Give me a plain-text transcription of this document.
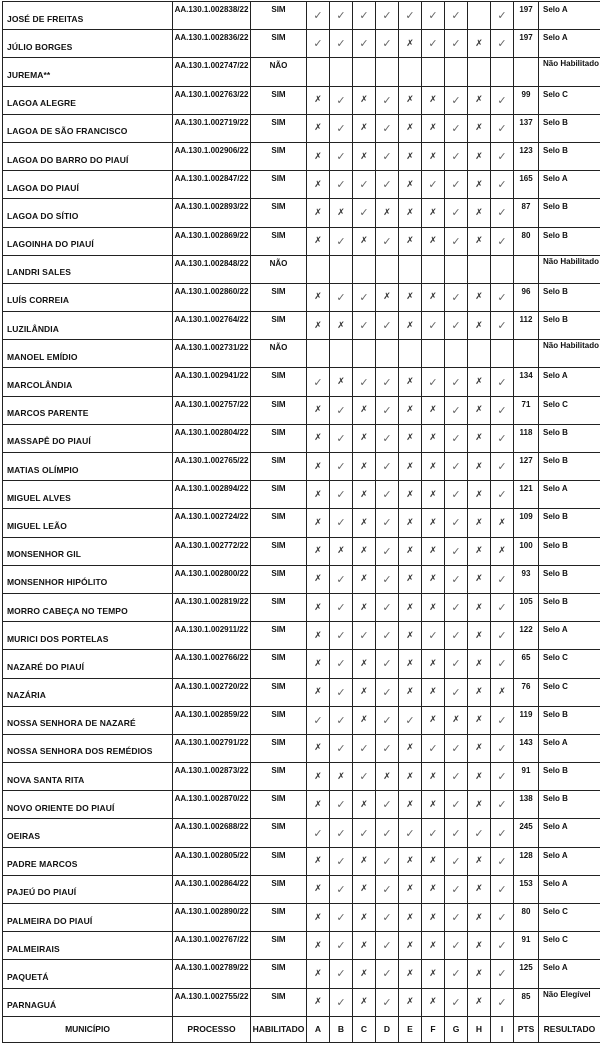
JOSÉ DE FREITAS	AA.130.1.002838/22	SIM	✓	✓	✓	✓	✓	✓	✓		✓	197	Selo A
JÚLIO BORGES	AA.130.1.002836/22	SIM	✓	✓	✓	✓	✗	✓	✓	✗	✓	197	Selo A
JUREMA**	AA.130.1.002747/22	NÃO											Não Habilitado
LAGOA ALEGRE	AA.130.1.002763/22	SIM	✗	✓	✗	✓	✗	✗	✓	✗	✓	99	Selo C
LAGOA DE SÃO FRANCISCO	AA.130.1.002719/22	SIM	✗	✓	✗	✓	✗	✗	✓	✗	✓	137	Selo B
LAGOA DO BARRO DO PIAUÍ	AA.130.1.002906/22	SIM	✗	✓	✗	✓	✗	✗	✓	✗	✓	123	Selo B
LAGOA DO PIAUÍ	AA.130.1.002847/22	SIM	✗	✓	✓	✓	✗	✓	✓	✗	✓	165	Selo A
LAGOA DO SÍTIO	AA.130.1.002893/22	SIM	✗	✗	✓	✗	✗	✗	✓	✗	✓	87	Selo B
LAGOINHA DO PIAUÍ	AA.130.1.002869/22	SIM	✗	✓	✗	✓	✗	✗	✓	✗	✓	80	Selo B
LANDRI SALES	AA.130.1.002848/22	NÃO											Não Habilitado
LUÍS CORREIA	AA.130.1.002860/22	SIM	✗	✓	✓	✗	✗	✗	✓	✗	✓	96	Selo B
LUZILÂNDIA	AA.130.1.002764/22	SIM	✗	✗	✓	✓	✗	✓	✓	✗	✓	112	Selo B
MANOEL EMÍDIO	AA.130.1.002731/22	NÃO											Não Habilitado
MARCOLÂNDIA	AA.130.1.002941/22	SIM	✓	✗	✓	✓	✗	✓	✓	✗	✓	134	Selo A
MARCOS PARENTE	AA.130.1.002757/22	SIM	✗	✓	✗	✓	✗	✗	✓	✗	✓	71	Selo C
MASSAPÊ DO PIAUÍ	AA.130.1.002804/22	SIM	✗	✓	✗	✓	✗	✗	✓	✗	✓	118	Selo B
MATIAS OLÍMPIO	AA.130.1.002765/22	SIM	✗	✓	✗	✓	✗	✗	✓	✗	✓	127	Selo B
MIGUEL ALVES	AA.130.1.002894/22	SIM	✗	✓	✗	✓	✗	✗	✓	✗	✓	121	Selo A
MIGUEL LEÃO	AA.130.1.002724/22	SIM	✗	✓	✗	✓	✗	✗	✓	✗	✗	109	Selo B
MONSENHOR GIL	AA.130.1.002772/22	SIM	✗	✗	✗	✓	✗	✗	✓	✗	✗	100	Selo B
MONSENHOR HIPÓLITO	AA.130.1.002800/22	SIM	✗	✓	✗	✓	✗	✗	✓	✗	✓	93	Selo B
MORRO CABEÇA NO TEMPO	AA.130.1.002819/22	SIM	✗	✓	✗	✓	✗	✗	✓	✗	✓	105	Selo B
MURICI DOS PORTELAS	AA.130.1.002911/22	SIM	✗	✓	✓	✓	✗	✓	✓	✗	✓	122	Selo A
NAZARÉ DO PIAUÍ	AA.130.1.002766/22	SIM	✗	✓	✗	✓	✗	✗	✓	✗	✓	65	Selo C
NAZÁRIA	AA.130.1.002720/22	SIM	✗	✓	✗	✓	✗	✗	✓	✗	✗	76	Selo C
NOSSA SENHORA DE NAZARÉ	AA.130.1.002859/22	SIM	✓	✓	✗	✓	✓	✗	✗	✗	✓	119	Selo B
NOSSA SENHORA DOS REMÉDIOS	AA.130.1.002791/22	SIM	✗	✓	✓	✓	✗	✓	✓	✗	✓	143	Selo A
NOVA SANTA RITA	AA.130.1.002873/22	SIM	✗	✗	✓	✗	✗	✗	✓	✗	✓	91	Selo B
NOVO ORIENTE DO PIAUÍ	AA.130.1.002870/22	SIM	✗	✓	✗	✓	✗	✗	✓	✗	✓	138	Selo B
OEIRAS	AA.130.1.002688/22	SIM	✓	✓	✓	✓	✓	✓	✓	✓	✓	245	Selo A
PADRE MARCOS	AA.130.1.002805/22	SIM	✗	✓	✗	✓	✗	✗	✓	✗	✓	128	Selo A
PAJEÚ DO PIAUÍ	AA.130.1.002864/22	SIM	✗	✓	✗	✓	✗	✗	✓	✗	✓	153	Selo A
PALMEIRA DO PIAUÍ	AA.130.1.002890/22	SIM	✗	✓	✗	✓	✗	✗	✓	✗	✓	80	Selo C
PALMEIRAIS	AA.130.1.002767/22	SIM	✗	✓	✗	✓	✗	✗	✓	✗	✓	91	Selo C
PAQUETÁ	AA.130.1.002789/22	SIM	✗	✓	✗	✓	✗	✗	✓	✗	✓	125	Selo A
PARNAGUÁ	AA.130.1.002755/22	SIM	✗	✓	✗	✓	✗	✗	✓	✗	✓	85	Não Elegível
MUNICÍPIO	PROCESSO	HABILITADO	A	B	C	D	E	F	G	H	I	PTS	RESULTADO
